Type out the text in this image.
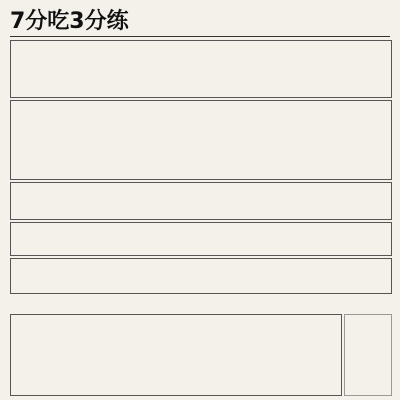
7分吃3分练
